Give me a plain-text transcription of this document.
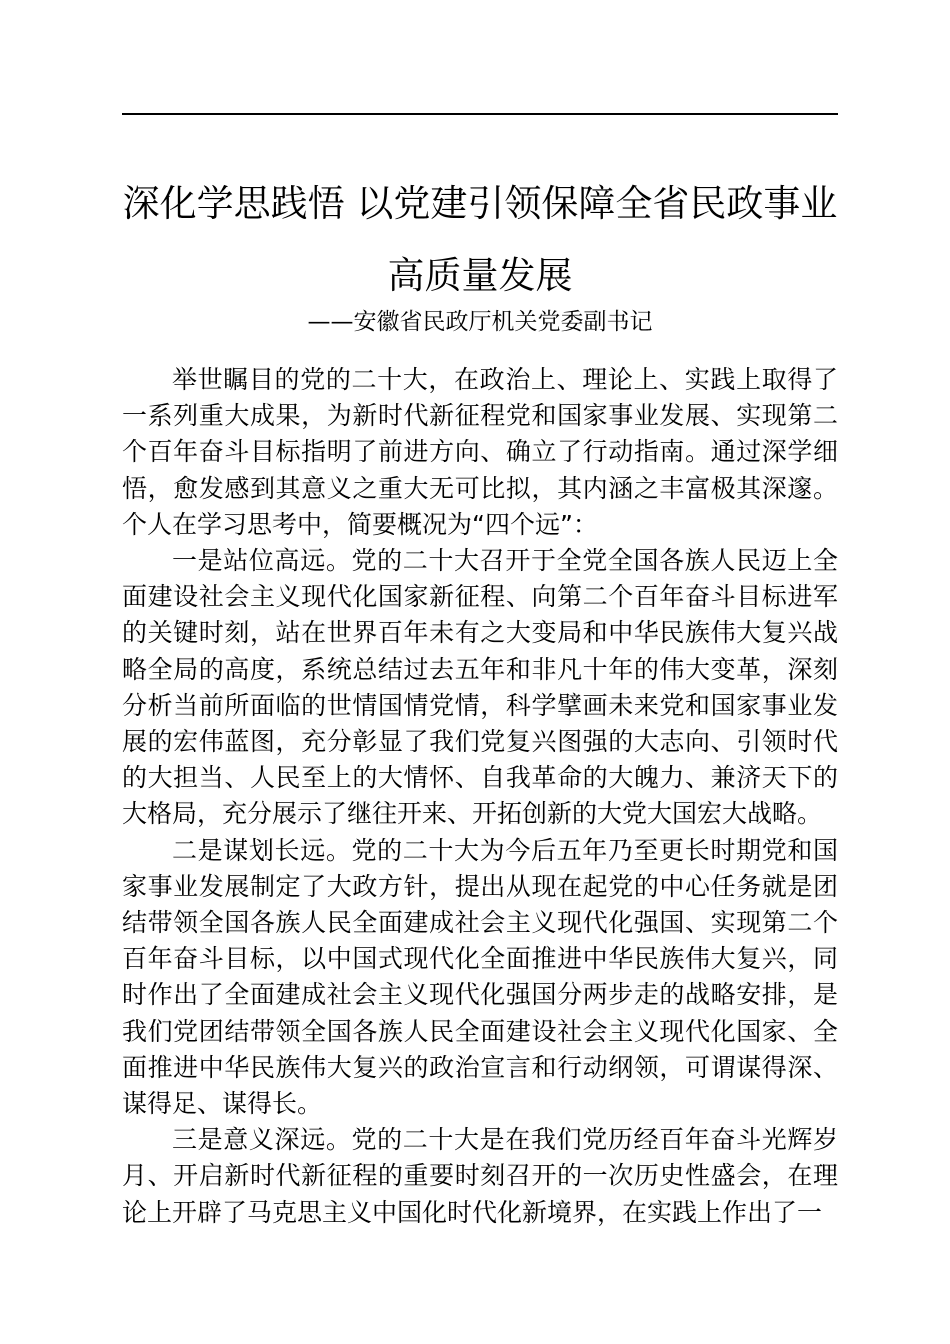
深化学思践悟 以党建引领保障全省民政事业高质量发展
——安徽省民政厅机关党委副书记

举世瞩目的党的二十大，在政治上、理论上、实践上取得了一系列重大成果，为新时代新征程党和国家事业发展、实现第二个百年奋斗目标指明了前进方向、确立了行动指南。通过深学细悟，愈发感到其意义之重大无可比拟，其内涵之丰富极其深邃。个人在学习思考中，简要概况为“四个远”：

一是站位高远。党的二十大召开于全党全国各族人民迈上全面建设社会主义现代化国家新征程、向第二个百年奋斗目标进军的关键时刻，站在世界百年未有之大变局和中华民族伟大复兴战略全局的高度，系统总结过去五年和非凡十年的伟大变革，深刻分析当前所面临的世情国情党情，科学擘画未来党和国家事业发展的宏伟蓝图，充分彰显了我们党复兴图强的大志向、引领时代的大担当、人民至上的大情怀、自我革命的大魄力、兼济天下的大格局，充分展示了继往开来、开拓创新的大党大国宏大战略。

二是谋划长远。党的二十大为今后五年乃至更长时期党和国家事业发展制定了大政方针，提出从现在起党的中心任务就是团结带领全国各族人民全面建成社会主义现代化强国、实现第二个百年奋斗目标，以中国式现代化全面推进中华民族伟大复兴，同时作出了全面建成社会主义现代化强国分两步走的战略安排，是我们党团结带领全国各族人民全面建设社会主义现代化国家、全面推进中华民族伟大复兴的政治宣言和行动纲领，可谓谋得深、谋得足、谋得长。

三是意义深远。党的二十大是在我们党历经百年奋斗光辉岁月、开启新时代新征程的重要时刻召开的一次历史性盛会，在理论上开辟了马克思主义中国化时代化新境界，在实践上作出了一
